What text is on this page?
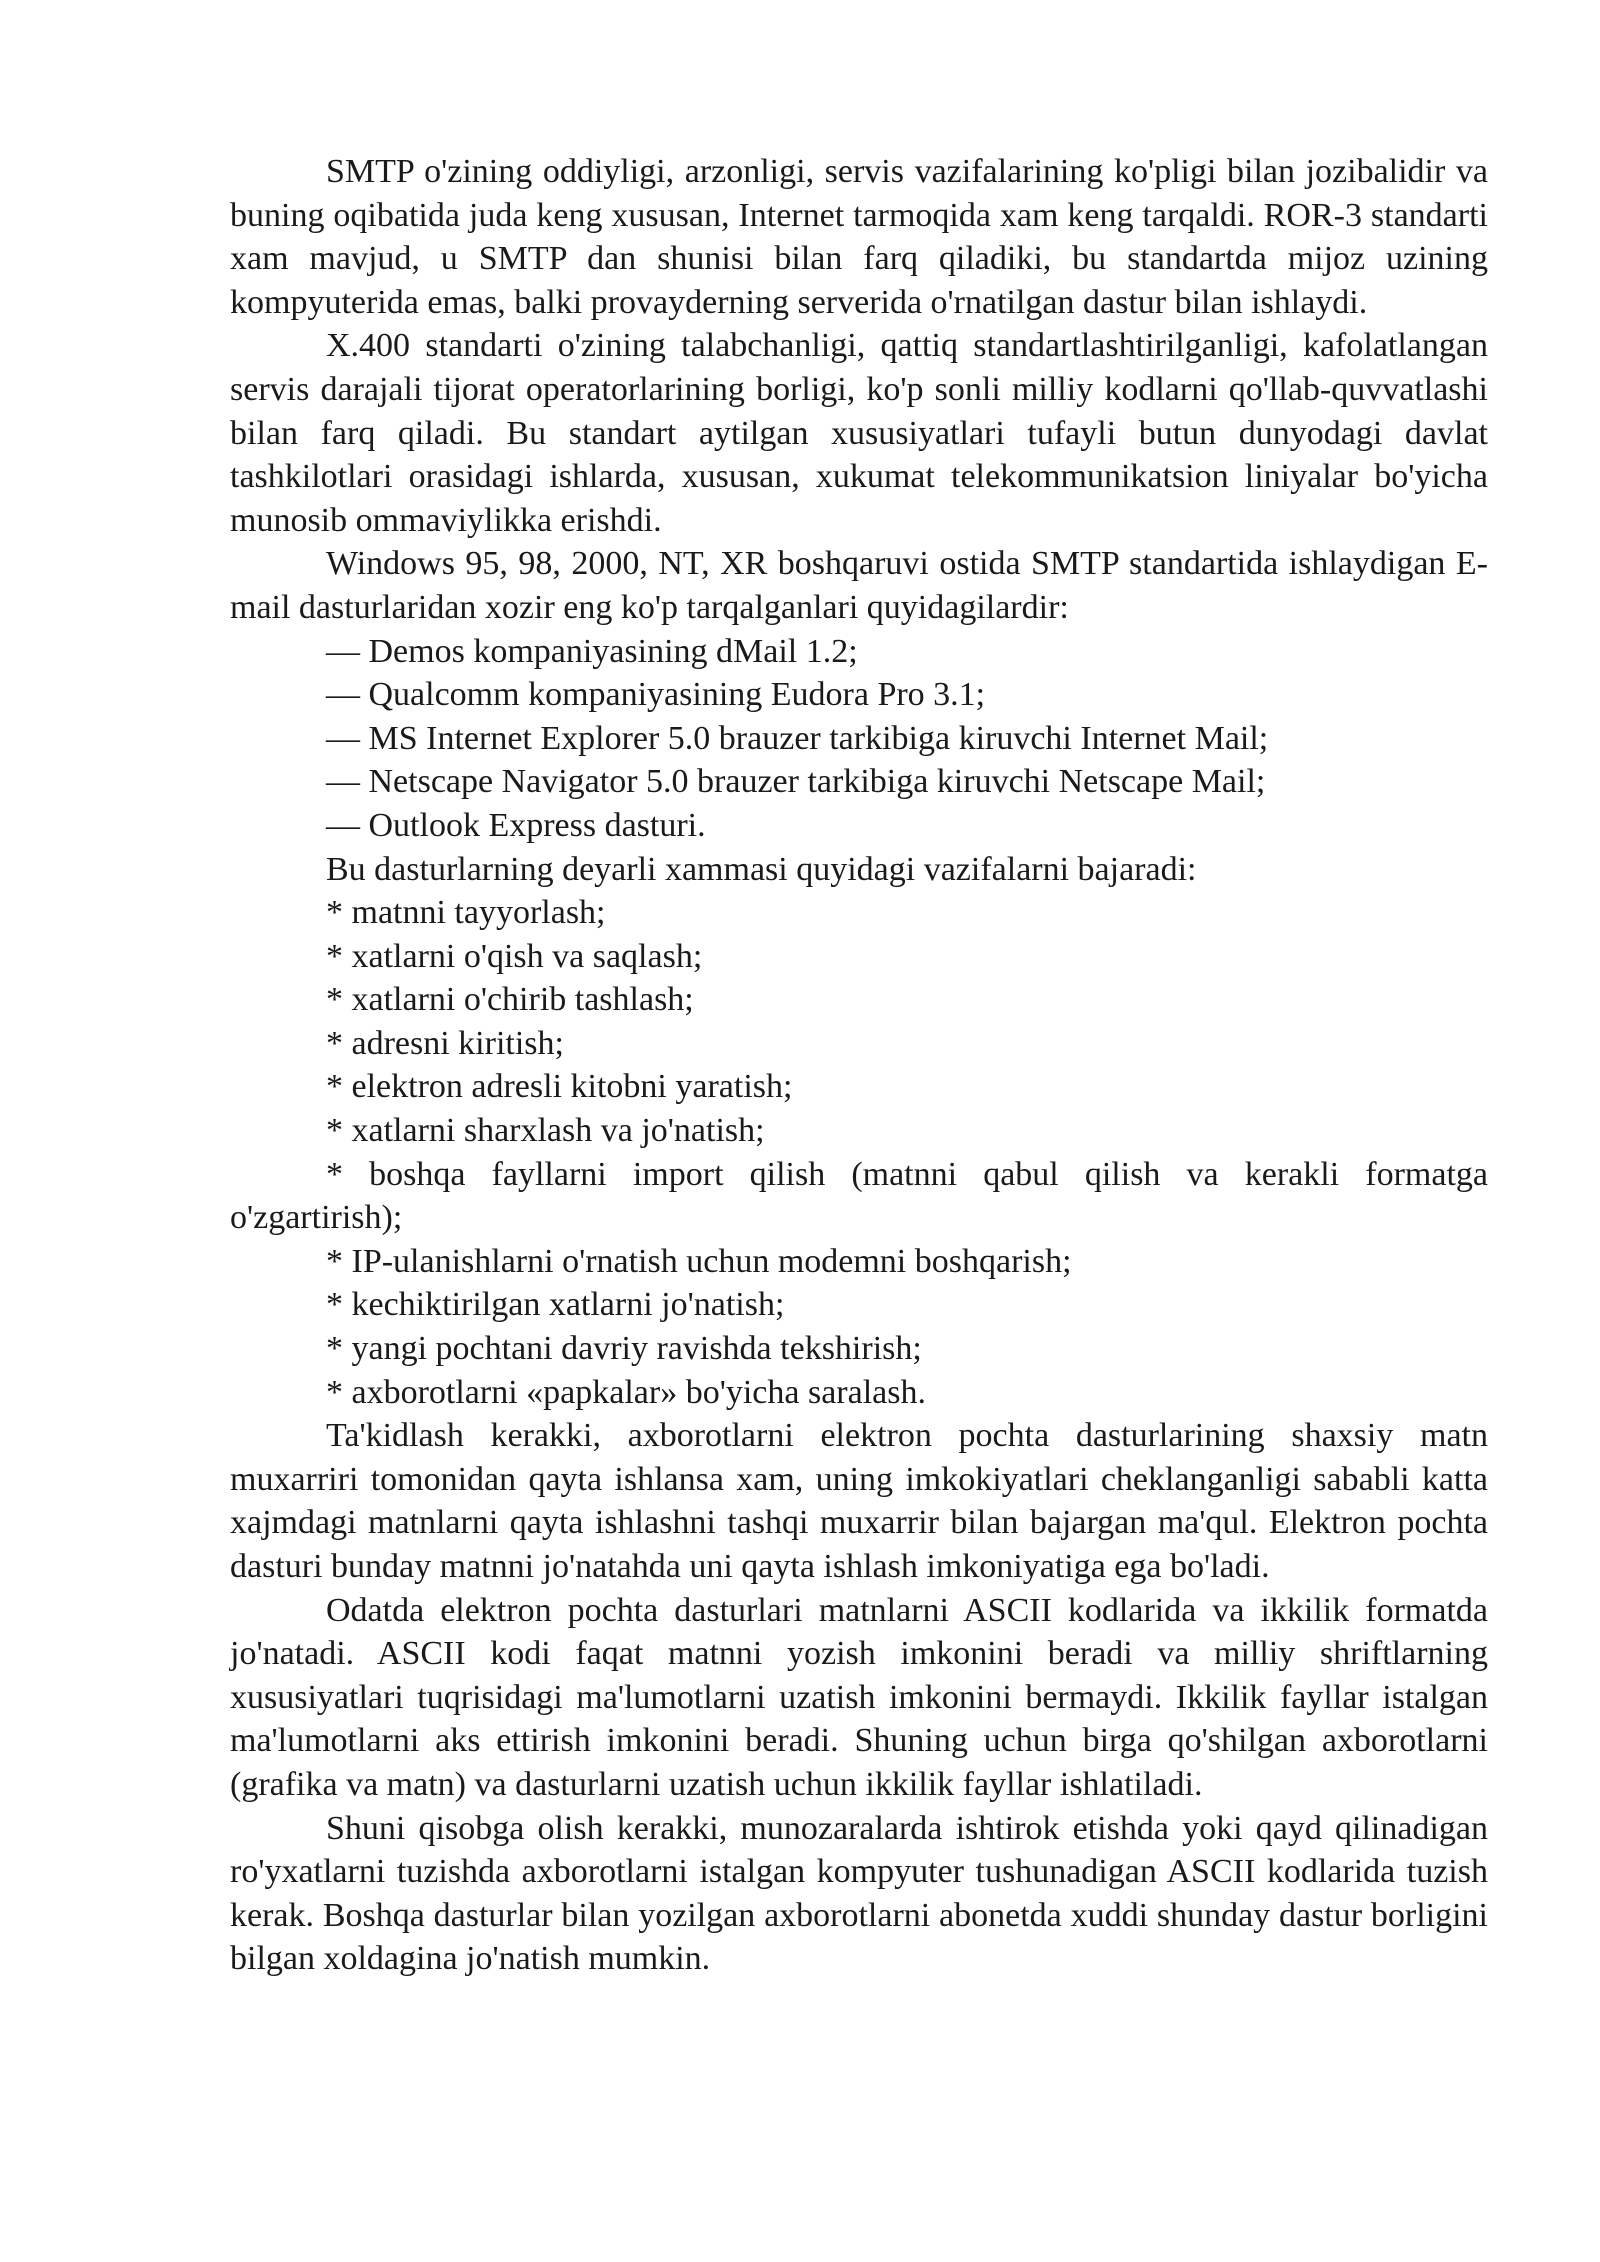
SMTP o'zining oddiyligi, arzonligi, servis vazifalarining ko'pligi bilan jozibalidir va buning oqibatida juda keng xususan, Internet tarmoqida xam keng tarqaldi. ROR-3 standarti xam mavjud, u SMTP dan shunisi bilan farq qiladiki, bu standartda mijoz uzining kompyuterida emas, balki provayderning serverida o'rnatilgan dastur bilan ishlaydi.

X.400 standarti o'zining talabchanligi, qattiq standartlashtirilganligi, kafolatlangan servis darajali tijorat operatorlarining borligi, ko'p sonli milliy kodlarni qo'llab-quvvatlashi bilan farq qiladi. Bu standart aytilgan xususiyatlari tufayli butun dunyodagi davlat tashkilotlari orasidagi ishlarda, xususan, xukumat telekommunikatsion liniyalar bo'yicha munosib ommaviylikka erishdi.

Windows 95, 98, 2000, NT, XR boshqaruvi ostida SMTP standartida ishlaydigan E-mail dasturlaridan xozir eng ko'p tarqalganlari quyidagilardir:

— Demos kompaniyasining dMail 1.2;

— Qualcomm kompaniyasining Eudora Pro 3.1;

— MS Internet Explorer 5.0 brauzer tarkibiga kiruvchi Internet Mail;

— Netscape Navigator 5.0 brauzer tarkibiga kiruvchi Netscape Mail;

— Outlook Express dasturi.

Bu dasturlarning deyarli xammasi quyidagi vazifalarni bajaradi:

* matnni tayyorlash;

* xatlarni o'qish va saqlash;

* xatlarni o'chirib tashlash;

* adresni kiritish;

* elektron adresli kitobni yaratish;

* xatlarni sharxlash va jo'natish;

* boshqa fayllarni import qilish (matnni qabul qilish va kerakli formatga o'zgartirish);

* IP-ulanishlarni o'rnatish uchun modemni boshqarish;

* kechiktirilgan xatlarni jo'natish;

* yangi pochtani davriy ravishda tekshirish;

* axborotlarni «papkalar» bo'yicha saralash.

Ta'kidlash kerakki, axborotlarni elektron pochta dasturlarining shaxsiy matn muxarriri tomonidan qayta ishlansa xam, uning imkokiyatlari cheklanganligi sababli katta xajmdagi matnlarni qayta ishlashni tashqi muxarrir bilan bajargan ma'qul. Elektron pochta dasturi bunday matnni jo'natahda uni qayta ishlash imkoniyatiga ega bo'ladi.

Odatda elektron pochta dasturlari matnlarni ASCII kodlarida va ikkilik formatda jo'natadi. ASCII kodi faqat matnni yozish imkonini beradi va milliy shriftlarning xususiyatlari tuqrisidagi ma'lumotlarni uzatish imkonini bermaydi. Ikkilik fayllar istalgan ma'lumotlarni aks ettirish imkonini beradi. Shuning uchun birga qo'shilgan axborotlarni (grafika va matn) va dasturlarni uzatish uchun ikkilik fayllar ishlatiladi.

Shuni qisobga olish kerakki, munozaralarda ishtirok etishda yoki qayd qilinadigan ro'yxatlarni tuzishda axborotlarni istalgan kompyuter tushunadigan ASCII kodlarida tuzish kerak. Boshqa dasturlar bilan yozilgan axborotlarni abonetda xuddi shunday dastur borligini bilgan xoldagina jo'natish mumkin.
